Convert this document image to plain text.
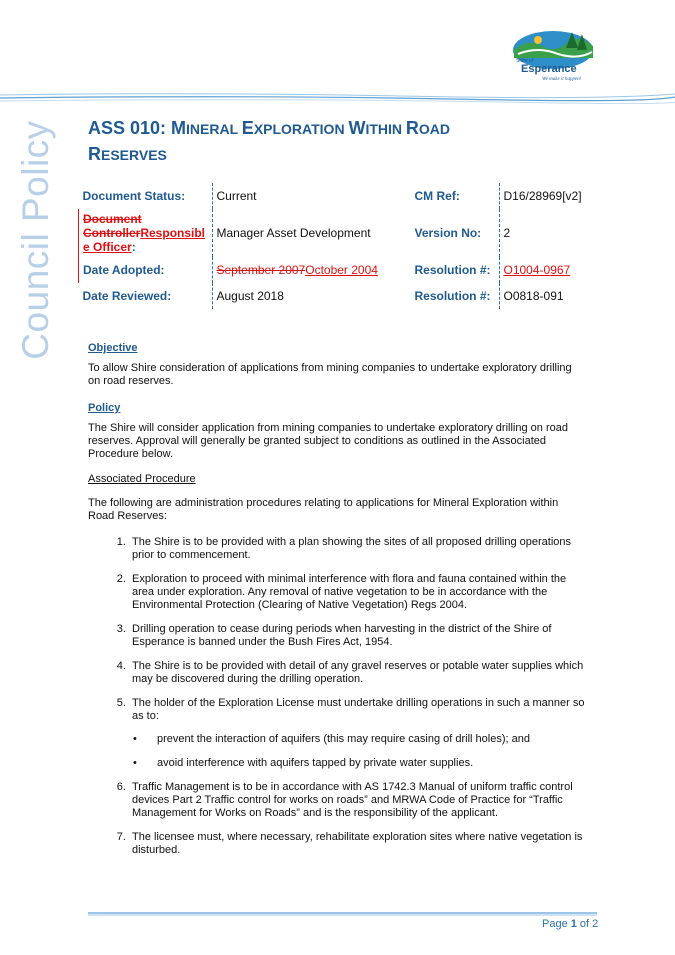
Shire of
Esperance
We make it happen!
Council Policy ASS 010: MINERAL EXPLORATION WITHIN ROAD
RESERVES
Document Status:	Current	CM Ref:	D16/28969[v2]
Document
ControllerResponsibl
e Officer:	Manager Asset Development	Version No:	2
Date Adopted:	September 2007October 2004	Resolution #:	O1004-0967
Date Reviewed:	August 2018	Resolution #:	O0818-091
Objective
To allow Shire consideration of applications from mining companies to undertake exploratory drilling on road reserves.
Policy
The Shire will consider application from mining companies to undertake exploratory drilling on road reserves. Approval will generally be granted subject to conditions as outlined in the Associated Procedure below.
Associated Procedure
The following are administration procedures relating to applications for Mineral Exploration within Road Reserves:
1. The Shire is to be provided with a plan showing the sites of all proposed drilling operations prior to commencement.
2. Exploration to proceed with minimal interference with flora and fauna contained within the area under exploration. Any removal of native vegetation to be in accordance with the Environmental Protection (Clearing of Native Vegetation) Regs 2004.
3. Drilling operation to cease during periods when harvesting in the district of the Shire of Esperance is banned under the Bush Fires Act, 1954.
4. The Shire is to be provided with detail of any gravel reserves or potable water supplies which may be discovered during the drilling operation.
5. The holder of the Exploration License must undertake drilling operations in such a manner so as to:
• prevent the interaction of aquifers (this may require casing of drill holes); and
• avoid interference with aquifers tapped by private water supplies.
6. Traffic Management is to be in accordance with AS 1742.3 Manual of uniform traffic control devices Part 2 Traffic control for works on roads” and MRWA Code of Practice for “Traffic Management for Works on Roads” and is the responsibility of the applicant.
7. The licensee must, where necessary, rehabilitate exploration sites where native vegetation is disturbed.
Page 1 of 2
